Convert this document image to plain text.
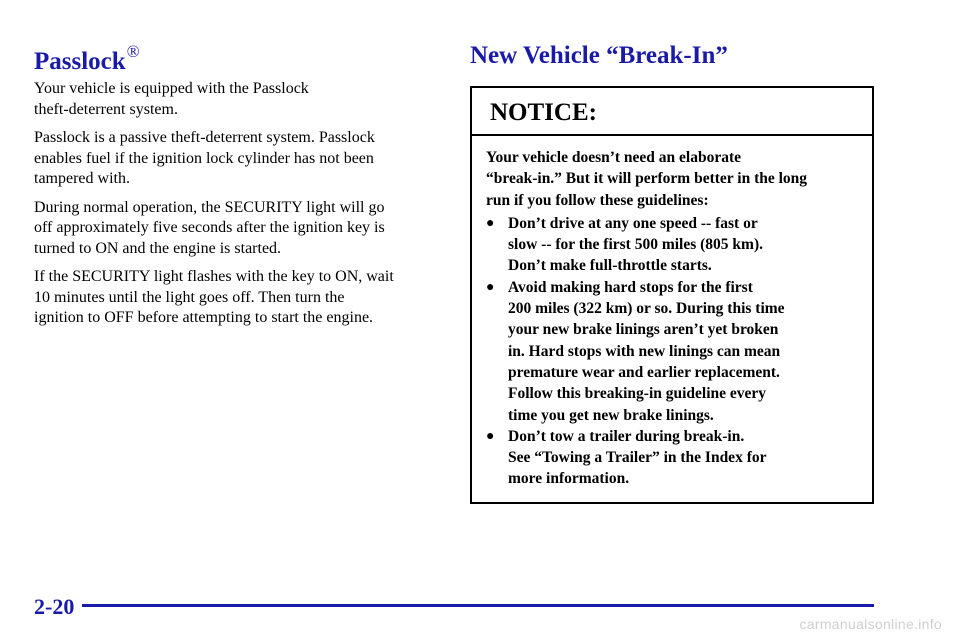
Passlock®

Your vehicle is equipped with the Passlock
theft-deterrent system.

Passlock is a passive theft-deterrent system. Passlock
enables fuel if the ignition lock cylinder has not been
tampered with.

During normal operation, the SECURITY light will go
off approximately five seconds after the ignition key is
turned to ON and the engine is started.

If the SECURITY light flashes with the key to ON, wait
10 minutes until the light goes off. Then turn the
ignition to OFF before attempting to start the engine.

New Vehicle “Break-In”
NOTICE:

Your vehicle doesn’t need an elaborate
“break-in.” But it will perform better in the long
run if you follow these guidelines:

● Don’t drive at any one speed -- fast or
slow -- for the first 500 miles (805 km).
Don’t make full-throttle starts.
● Avoid making hard stops for the first
200 miles (322 km) or so. During this time
your new brake linings aren’t yet broken
in. Hard stops with new linings can mean
premature wear and earlier replacement.
Follow this breaking-in guideline every
time you get new brake linings.
● Don’t tow a trailer during break-in.
See “Towing a Trailer” in the Index for
more information.
2-20
carmanualsonline.info
